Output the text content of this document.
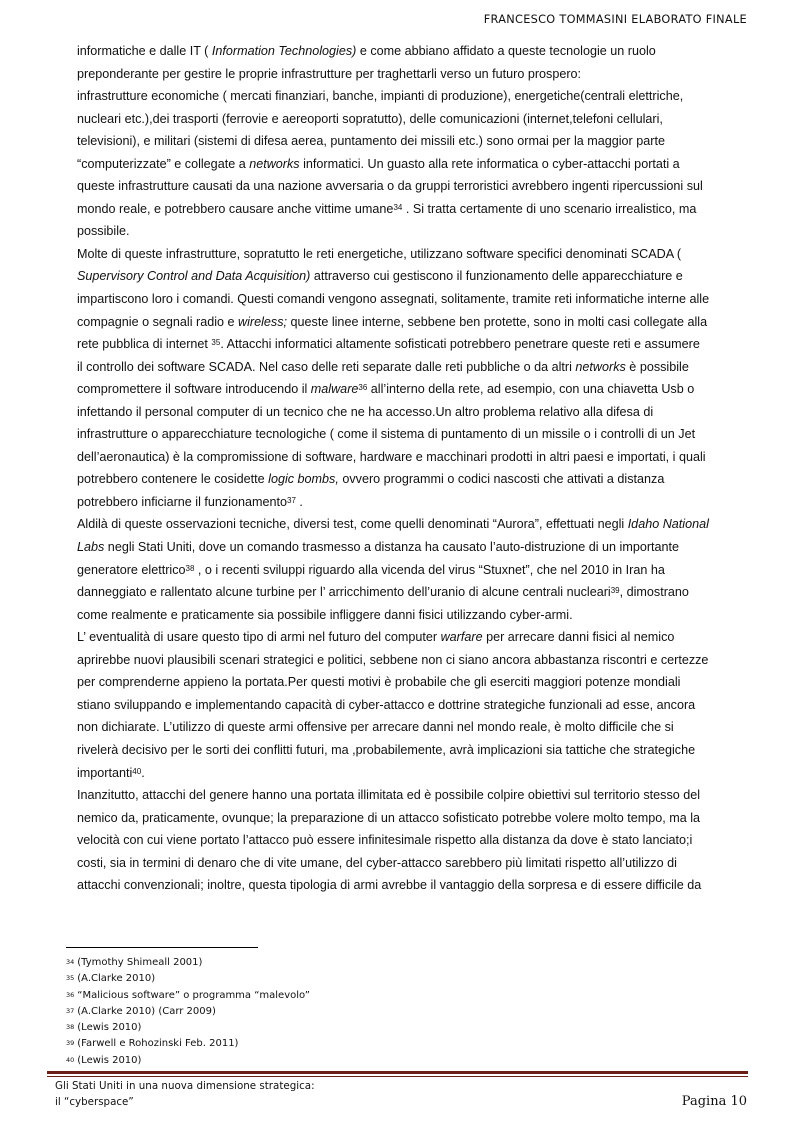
FRANCESCO TOMMASINI ELABORATO FINALE
informatiche e dalle IT ( Information Technologies) e come abbiano affidato a queste tecnologie un ruolo
preponderante per gestire le proprie infrastrutture per traghettarli verso un futuro prospero:
infrastrutture economiche ( mercati finanziari, banche, impianti di produzione), energetiche(centrali elettriche,
nucleari etc.),dei trasporti (ferrovie e aereoporti sopratutto), delle comunicazioni (internet,telefoni cellulari,
televisioni), e militari (sistemi di difesa aerea, puntamento dei missili etc.) sono ormai per la maggior parte
“computerizzate” e collegate a networks informatici. Un guasto alla rete informatica o cyber-attacchi portati a
queste infrastrutture causati da una nazione avversaria o da gruppi terroristici avrebbero ingenti ripercussioni sul
mondo reale, e potrebbero causare anche vittime umane$^{34}$ . Si tratta certamente di uno scenario irrealistico, ma
possibile.
Molte di queste infrastrutture, sopratutto le reti energetiche, utilizzano software specifici denominati SCADA (
Supervisory Control and Data Acquisition) attraverso cui gestiscono il funzionamento delle apparecchiature e
impartiscono loro i comandi. Questi comandi vengono assegnati, solitamente, tramite reti informatiche interne alle
compagnie o segnali radio e wireless; queste linee interne, sebbene ben protette, sono in molti casi collegate alla
rete pubblica di internet $^{35}$. Attacchi informatici altamente sofisticati potrebbero penetrare queste reti e assumere
il controllo dei software SCADA. Nel caso delle reti separate dalle reti pubbliche o da altri networks è possibile
compromettere il software introducendo il malware$^{36}$ all’interno della rete, ad esempio, con una chiavetta Usb o
infettando il personal computer di un tecnico che ne ha accesso.Un altro problema relativo alla difesa di
infrastrutture o apparecchiature tecnologiche ( come il sistema di puntamento di un missile o i controlli di un Jet
dell’aeronautica) è la compromissione di software, hardware e macchinari prodotti in altri paesi e importati, i quali
potrebbero contenere le cosidette logic bombs, ovvero programmi o codici nascosti che attivati a distanza
potrebbero inficiarne il funzionamento$^{37}$ .
Aldilà di queste osservazioni tecniche, diversi test, come quelli denominati “Aurora”, effettuati negli Idaho National
Labs negli Stati Uniti, dove un comando trasmesso a distanza ha causato l’auto-distruzione di un importante
generatore elettrico$^{38}$ , o i recenti sviluppi riguardo alla vicenda del virus “Stuxnet”, che nel 2010 in Iran ha
danneggiato e rallentato alcune turbine per l’ arricchimento dell’uranio di alcune centrali nucleari$^{39}$, dimostrano
come realmente e praticamente sia possibile infliggere danni fisici utilizzando cyber-armi.
L’ eventualità di usare questo tipo di armi nel futuro del computer warfare per arrecare danni fisici al nemico
aprirebbe nuovi plausibili scenari strategici e politici, sebbene non ci siano ancora abbastanza riscontri e certezze
per comprenderne appieno la portata.Per questi motivi è probabile che gli eserciti maggiori potenze mondiali
stiano sviluppando e implementando capacità di cyber-attacco e dottrine strategiche funzionali ad esse, ancora
non dichiarate. L’utilizzo di queste armi offensive per arrecare danni nel mondo reale, è molto difficile che si
rivelerà decisivo per le sorti dei conflitti futuri, ma ,probabilemente, avrà implicazioni sia tattiche che strategiche
importanti$^{40}$.
Inanzitutto, attacchi del genere hanno una portata illimitata ed è possibile colpire obiettivi sul territorio stesso del
nemico da, praticamente, ovunque; la preparazione di un attacco sofisticato potrebbe volere molto tempo, ma la
velocità con cui viene portato l’attacco può essere infinitesimale rispetto alla distanza da dove è stato lanciato;i
costi, sia in termini di denaro che di vite umane, del cyber-attacco sarebbero più limitati rispetto all’utilizzo di
attacchi convenzionali; inoltre, questa tipologia di armi avrebbe il vantaggio della sorpresa e di essere difficile da
$^{34}$ (Tymothy Shimeall 2001)
$^{35}$ (A.Clarke 2010)
$^{36}$ “Malicious software” o programma “malevolo”
$^{37}$ (A.Clarke 2010) (Carr 2009)
$^{38}$ (Lewis 2010)
$^{39}$ (Farwell e Rohozinski Feb. 2011)
$^{40}$ (Lewis 2010)
Gli Stati Uniti in una nuova dimensione strategica:
il “cyberspace”	Pagina 10
